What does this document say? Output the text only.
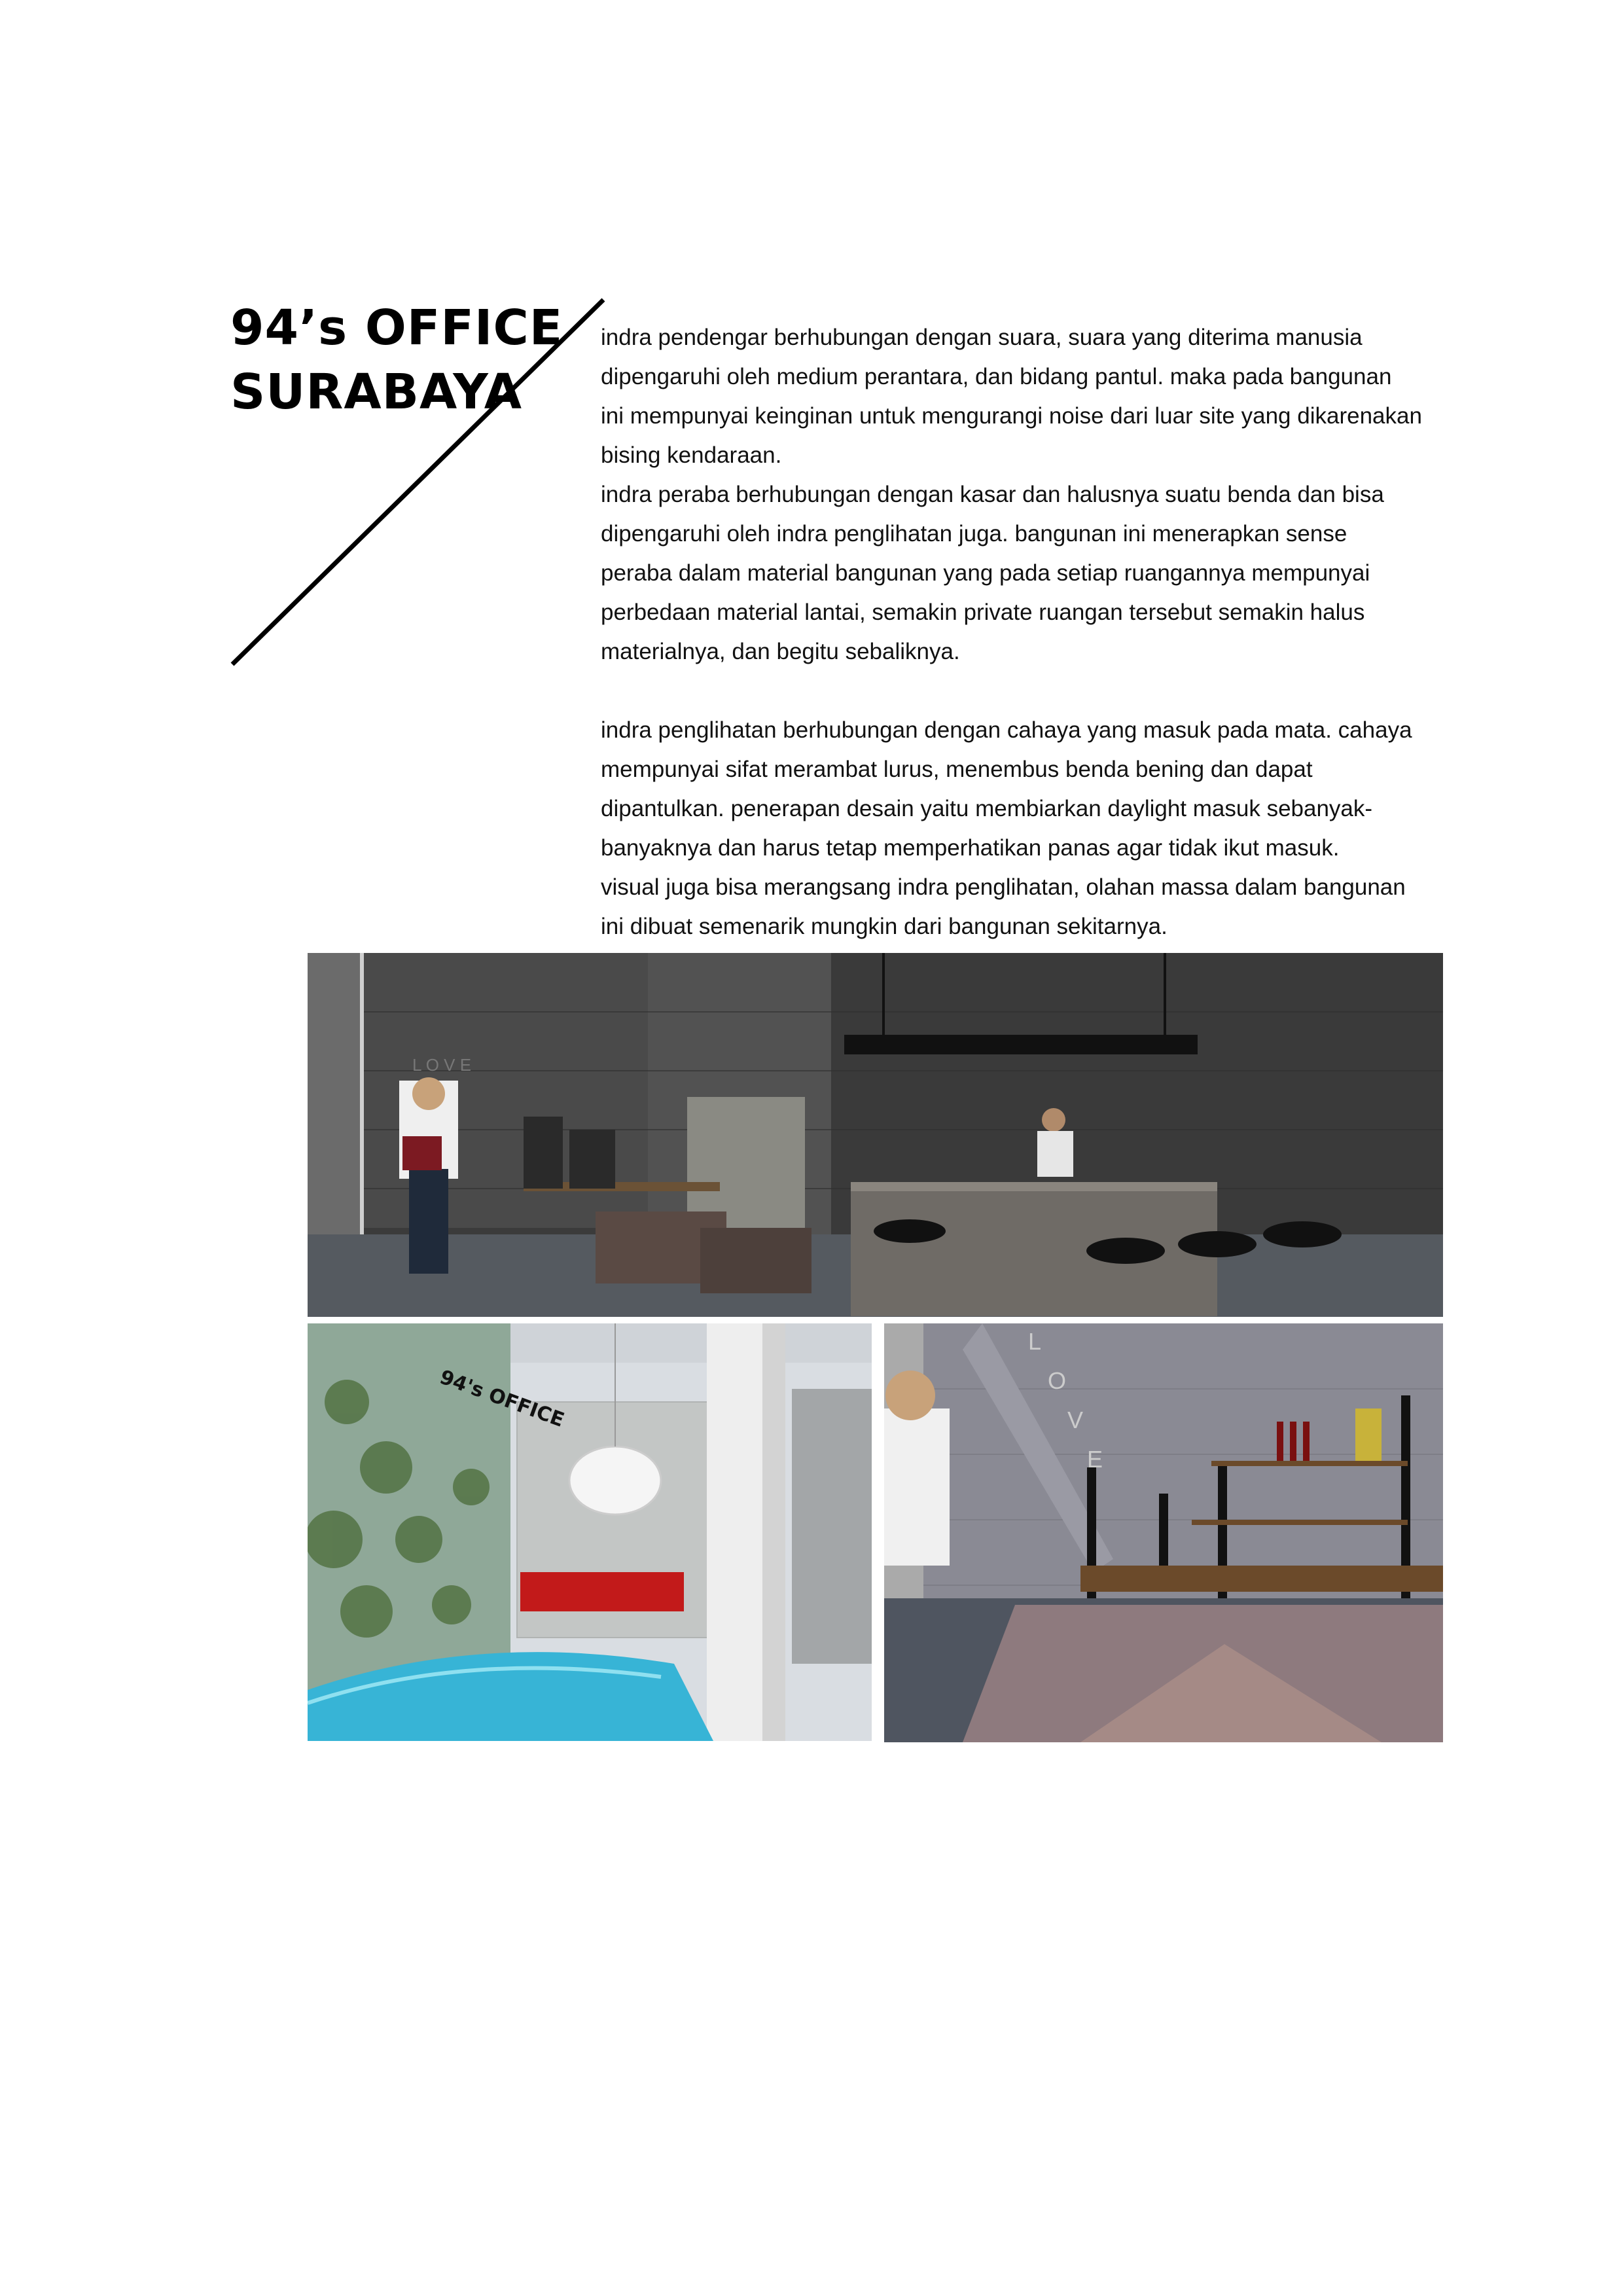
94’s OFFICE
SURABAYA

indra pendengar berhubungan dengan suara, suara yang diterima manusia
dipengaruhi oleh medium perantara, dan bidang pantul. maka pada bangunan
ini mempunyai keinginan untuk mengurangi noise dari luar site yang dikarenakan
bising kendaraan.
indra peraba berhubungan dengan kasar dan halusnya suatu benda dan bisa
dipengaruhi oleh indra penglihatan juga. bangunan ini menerapkan sense
peraba dalam material bangunan yang pada setiap ruangannya mempunyai
perbedaan material lantai, semakin private ruangan tersebut semakin halus
materialnya, dan begitu sebaliknya.

indra penglihatan berhubungan dengan cahaya yang masuk pada mata. cahaya
mempunyai sifat merambat lurus, menembus benda bening dan dapat
dipantulkan. penerapan desain yaitu membiarkan daylight masuk sebanyak-
banyaknya dan harus tetap memperhatikan panas agar tidak ikut masuk.
visual juga bisa merangsang indra penglihatan, olahan massa dalam bangunan
ini dibuat semenarik mungkin dari bangunan sekitarnya.

L O V E
94's OFFICE
L
O
V
E
